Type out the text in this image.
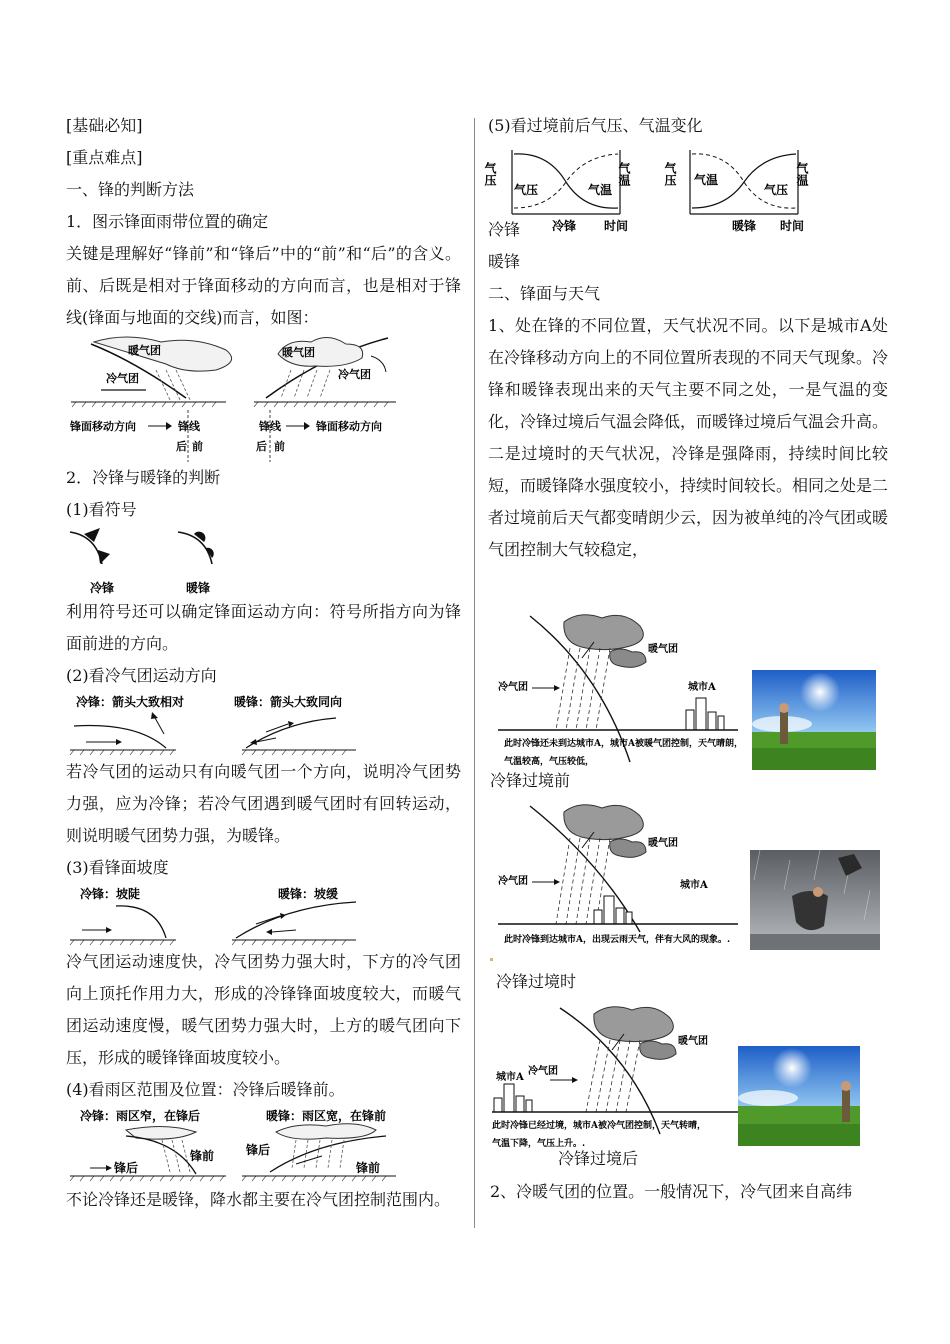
[基础必知]
[重点难点]
一、锋的判断方法
1．图示锋面雨带位置的确定
关键是理解好“锋前”和“锋后”中的“前”和“后”的含义。前、后既是相对于锋面移动的方向而言，也是相对于锋线(锋面与地面的交线)而言，如图：
暖气团
冷气团
锋面移动方向	锋线
后 前
暖气团
冷气团
锋线	锋面移动方向
后 前
2．冷锋与暖锋的判断
(1)看符号
冷锋	暖锋
利用符号还可以确定锋面运动方向：符号所指方向为锋面前进的方向。
(2)看冷气团运动方向
冷锋：箭头大致相对	暖锋：箭头大致同向
若冷气团的运动只有向暖气团一个方向，说明冷气团势力强，应为冷锋；若冷气团遇到暖气团时有回转运动，则说明暖气团势力强，为暖锋。
(3)看锋面坡度
冷锋：坡陡	暖锋：坡缓
冷气团运动速度快，冷气团势力强大时，下方的冷气团向上顶托作用力大，形成的冷锋锋面坡度较大，而暖气团运动速度慢，暖气团势力强大时，上方的暖气团向下压，形成的暖锋锋面坡度较小。
(4)看雨区范围及位置：冷锋后暖锋前。
冷锋：雨区窄，在锋后
锋前
锋后
暖锋：雨区宽，在锋前
锋后
锋前
不论冷锋还是暖锋，降水都主要在冷气团控制范围内。
(5)看过境前后气压、气温变化
气压	气温
气压	气温
冷锋 时间
气压	气温
气温
气压
暖锋 时间
冷锋
暖锋
二、锋面与天气
1、处在锋的不同位置，天气状况不同。以下是城市A处在冷锋移动方向上的不同位置所表现的不同天气现象。冷锋和暖锋表现出来的天气主要不同之处，一是气温的变化，冷锋过境后气温会降低，而暖锋过境后气温会升高。二是过境时的天气状况，冷锋是强降雨，持续时间比较短，而暖锋降水强度较小，持续时间较长。相同之处是二者过境前后天气都变晴朗少云，因为被单纯的冷气团或暖气团控制大气较稳定，
暖气团
冷气团	城市A
此时冷锋还未到达城市A，城市A被暖气团控制，天气晴朗，
气温较高，气压较低，
冷锋过境前
暖气团
冷气团	城市A
此时冷锋到达城市A，出现云雨天气，伴有大风的现象。.
冷锋过境时
暖气团
冷气团
城市A
此时冷锋已经过境，城市A被冷气团控制，天气转晴，
气温下降，气压上升。.
冷锋过境后
2、冷暖气团的位置。一般情况下，冷气团来自高纬
